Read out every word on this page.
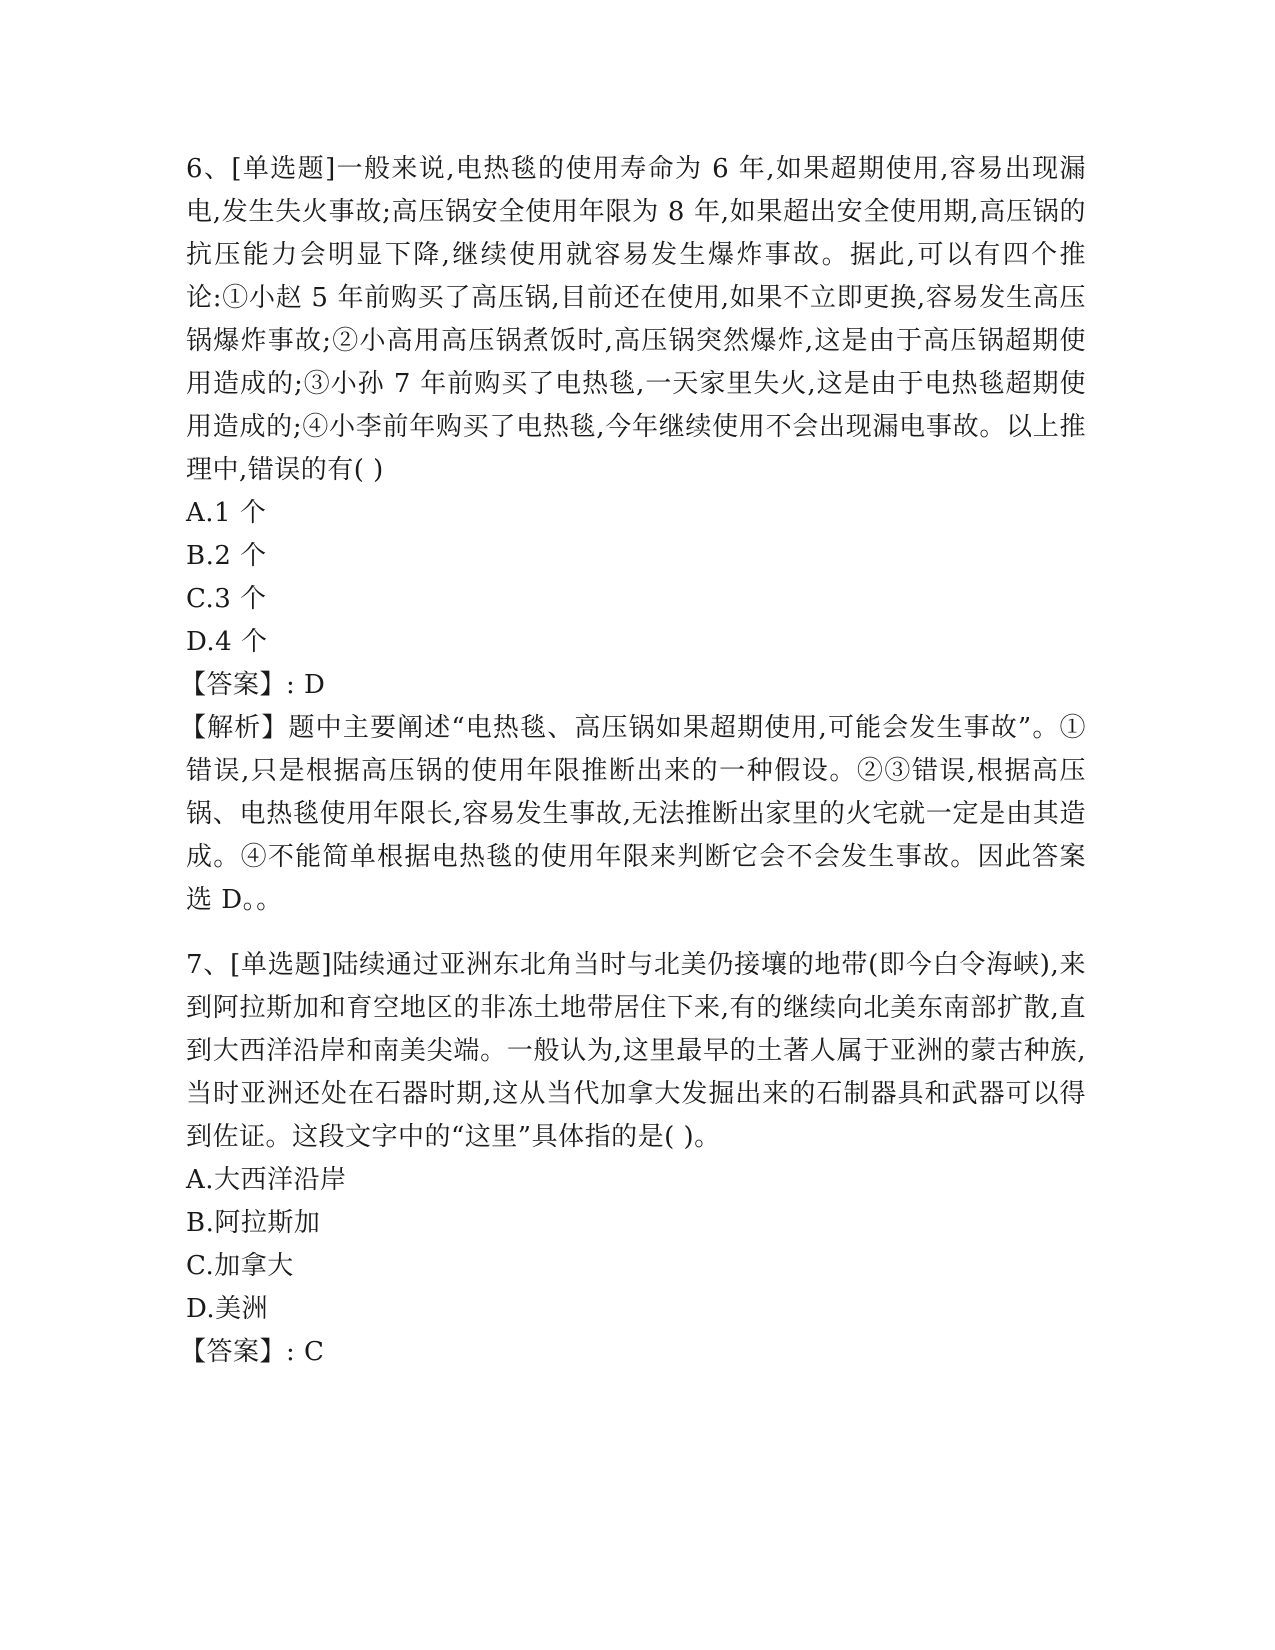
6、[单选题]一般来说,电热毯的使用寿命为 6 年,如果超期使用,容易出现漏电,发生失火事故;高压锅安全使用年限为 8 年,如果超出安全使用期,高压锅的抗压能力会明显下降,继续使用就容易发生爆炸事故。据此,可以有四个推论:①小赵 5 年前购买了高压锅,目前还在使用,如果不立即更换,容易发生高压锅爆炸事故;②小高用高压锅煮饭时,高压锅突然爆炸,这是由于高压锅超期使用造成的;③小孙 7 年前购买了电热毯,一天家里失火,这是由于电热毯超期使用造成的;④小李前年购买了电热毯,今年继续使用不会出现漏电事故。以上推理中,错误的有( )

A.1 个

B.2 个

C.3 个

D.4 个

【答案】: D

【解析】题中主要阐述“电热毯、高压锅如果超期使用,可能会发生事故”。①错误,只是根据高压锅的使用年限推断出来的一种假设。②③错误,根据高压锅、电热毯使用年限长,容易发生事故,无法推断出家里的火宅就一定是由其造成。④不能简单根据电热毯的使用年限来判断它会不会发生事故。因此答案选 D。。

7、[单选题]陆续通过亚洲东北角当时与北美仍接壤的地带(即今白令海峡),来到阿拉斯加和育空地区的非冻土地带居住下来,有的继续向北美东南部扩散,直到大西洋沿岸和南美尖端。一般认为,这里最早的土著人属于亚洲的蒙古种族,当时亚洲还处在石器时期,这从当代加拿大发掘出来的石制器具和武器可以得到佐证。这段文字中的“这里”具体指的是( )。

A.大西洋沿岸

B.阿拉斯加

C.加拿大

D.美洲

【答案】: C
